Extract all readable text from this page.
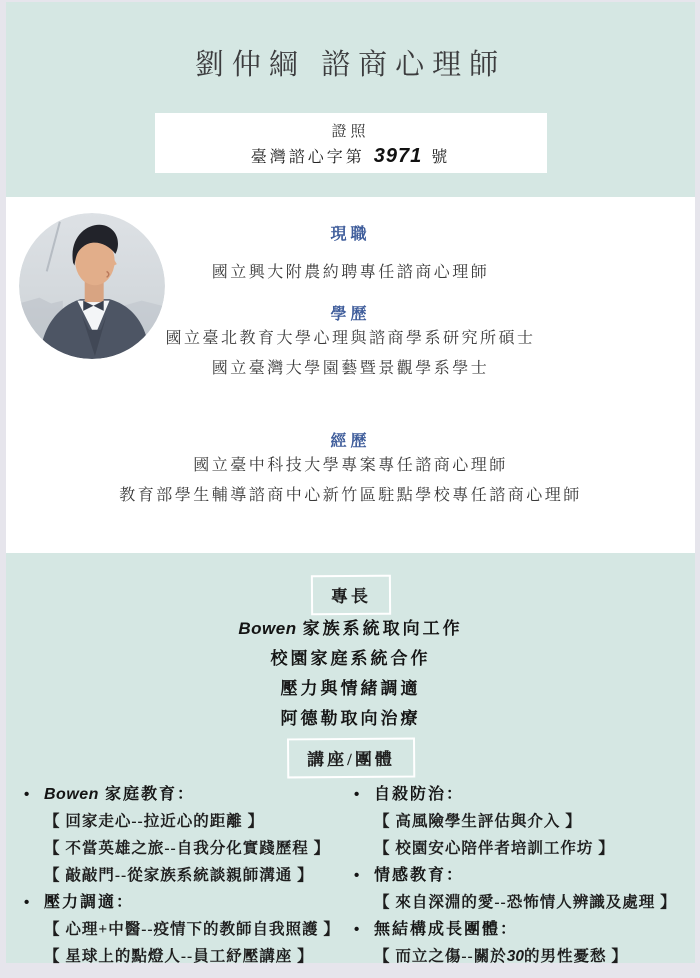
劉仲綱 諮商心理師
證照
臺灣諮心字第 3971 號
現職
國立興大附農約聘專任諮商心理師
學歷
國立臺北教育大學心理與諮商學系研究所碩士
國立臺灣大學園藝暨景觀學系學士
經歷
國立臺中科技大學專案專任諮商心理師
教育部學生輔導諮商中心新竹區駐點學校專任諮商心理師
專長
Bowen 家族系統取向工作
校園家庭系統合作
壓力與情緒調適
阿德勒取向治療
講座/團體
• Bowen 家庭教育：
【 回家走心--拉近心的距離 】
【 不當英雄之旅--自我分化實踐歷程 】
【 敲敲門--從家族系統談親師溝通 】
• 壓力調適：
【 心理+中醫--疫情下的教師自我照護 】
【 星球上的點燈人--員工紓壓講座 】
• 自殺防治：
【 高風險學生評估與介入 】
【 校園安心陪伴者培訓工作坊 】
• 情感教育：
【 來自深淵的愛--恐怖情人辨識及處理 】
• 無結構成長團體：
【 而立之傷--關於30的男性憂愁 】
